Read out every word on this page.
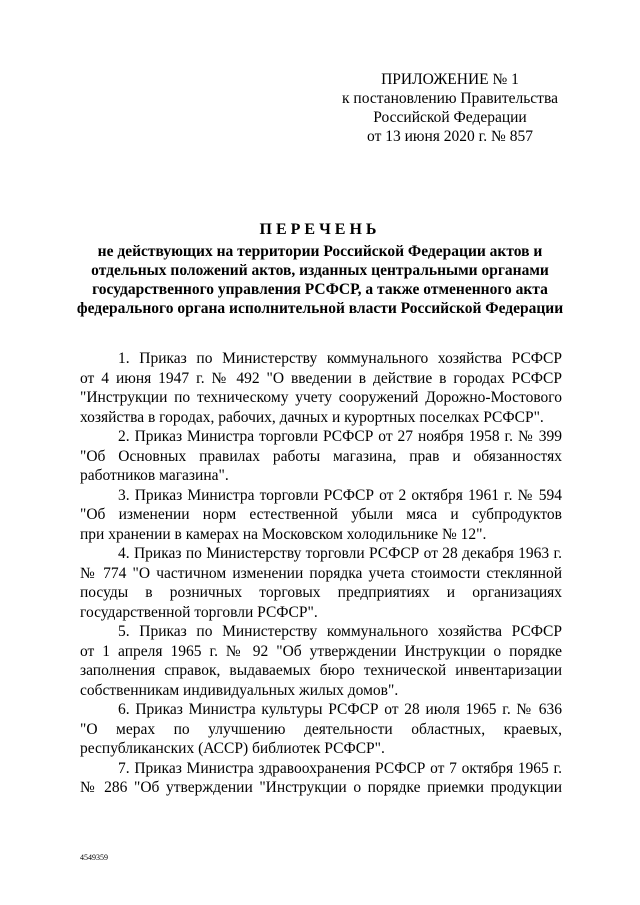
ПРИЛОЖЕНИЕ № 1
к постановлению Правительства
Российской Федерации
от 13 июня 2020 г. № 857
ПЕРЕЧЕНЬ
не действующих на территории Российской Федерации актов и
отдельных положений актов, изданных центральными органами
государственного управления РСФСР, а также отмененного акта
федерального органа исполнительной власти Российской Федерации
1. Приказ по Министерству коммунального хозяйства РСФСР
от 4 июня 1947 г. № 492 "О введении в действие в городах РСФСР
"Инструкции по техническому учету сооружений Дорожно-Мостового
хозяйства в городах, рабочих, дачных и курортных поселках РСФСР".
2. Приказ Министра торговли РСФСР от 27 ноября 1958 г. № 399
"Об Основных правилах работы магазина, прав и обязанностях
работников магазина".
3. Приказ Министра торговли РСФСР от 2 октября 1961 г. № 594
"Об изменении норм естественной убыли мяса и субпродуктов
при хранении в камерах на Московском холодильнике № 12".
4. Приказ по Министерству торговли РСФСР от 28 декабря 1963 г.
№ 774 "О частичном изменении порядка учета стоимости стеклянной
посуды в розничных торговых предприятиях и организациях
государственной торговли РСФСР".
5. Приказ по Министерству коммунального хозяйства РСФСР
от 1 апреля 1965 г. № 92 "Об утверждении Инструкции о порядке
заполнения справок, выдаваемых бюро технической инвентаризации
собственникам индивидуальных жилых домов".
6. Приказ Министра культуры РСФСР от 28 июля 1965 г. № 636
"О мерах по улучшению деятельности областных, краевых,
республиканских (АССР) библиотек РСФСР".
7. Приказ Министра здравоохранения РСФСР от 7 октября 1965 г.
№ 286 "Об утверждении "Инструкции о порядке приемки продукции
4549359
